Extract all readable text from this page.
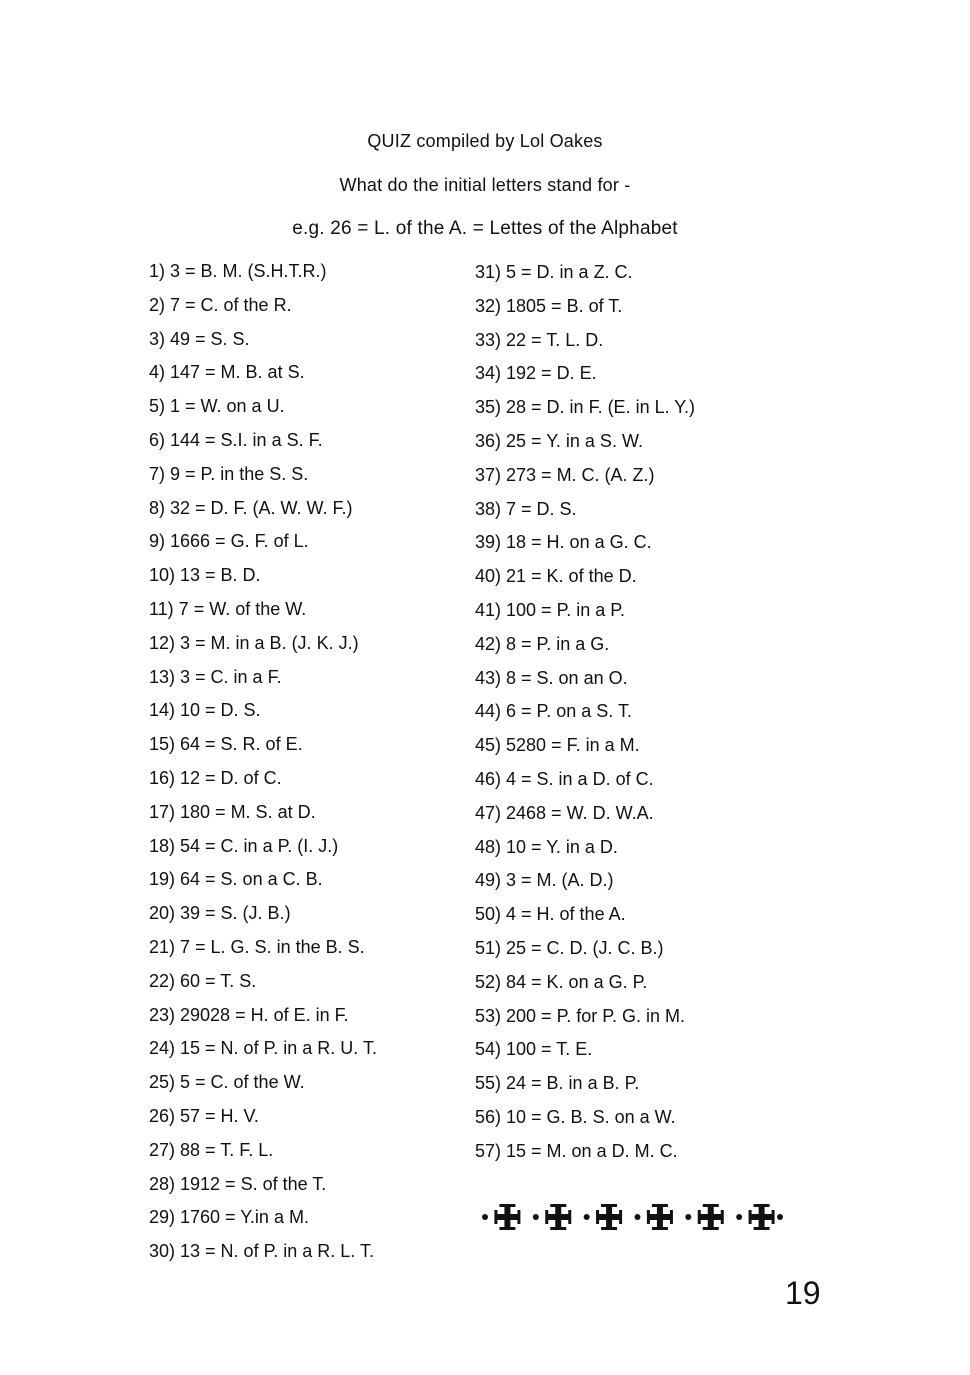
QUIZ compiled by Lol Oakes
What do the initial letters stand for -
e.g. 26 = L. of the A. = Lettes of the Alphabet
1) 3 = B. M. (S.H.T.R.)
2) 7 = C. of the R.
3) 49 = S. S.
4) 147 = M. B. at S.
5) 1 = W. on a U.
6) 144 = S.I. in a S. F.
7) 9 = P. in the S. S.
8) 32 = D. F. (A. W. W. F.)
9) 1666 = G. F. of L.
10) 13 = B. D.
11) 7 = W. of the W.
12) 3 = M. in a B. (J. K. J.)
13) 3 = C. in a F.
14) 10 = D. S.
15) 64 = S. R. of E.
16) 12 = D. of C.
17) 180 = M. S. at D.
18) 54 = C. in a P. (I. J.)
19) 64 = S. on a C. B.
20) 39 = S. (J. B.)
21) 7 = L. G. S. in the B. S.
22) 60 = T. S.
23) 29028 = H. of E. in F.
24) 15 = N. of P. in a R. U. T.
25) 5 = C. of the W.
26) 57 = H. V.
27) 88 = T. F. L.
28) 1912 = S. of the T.
29) 1760 = Y.in a M.
30) 13 = N. of P. in a R. L. T.
31) 5 = D. in a Z. C.
32) 1805 = B. of T.
33) 22 = T. L. D.
34) 192 = D. E.
35) 28 = D. in F. (E. in L. Y.)
36) 25 = Y. in a S. W.
37) 273 = M. C. (A. Z.)
38) 7 = D. S.
39) 18 = H. on a G. C.
40) 21 = K. of the D.
41) 100 = P. in a P.
42) 8 = P. in a G.
43) 8 = S. on an O.
44) 6 = P. on a S. T.
45) 5280 = F. in a M.
46) 4 = S. in a D. of C.
47) 2468 = W. D. W.A.
48) 10 = Y. in a D.
49) 3 = M. (A. D.)
50) 4 = H. of the A.
51) 25 = C. D. (J. C. B.)
52) 84 = K. on a G. P.
53) 200 = P. for P. G. in M.
54) 100 = T. E.
55) 24 = B. in a B. P.
56) 10 = G. B. S. on a W.
57) 15 = M. on a D. M. C.
19
